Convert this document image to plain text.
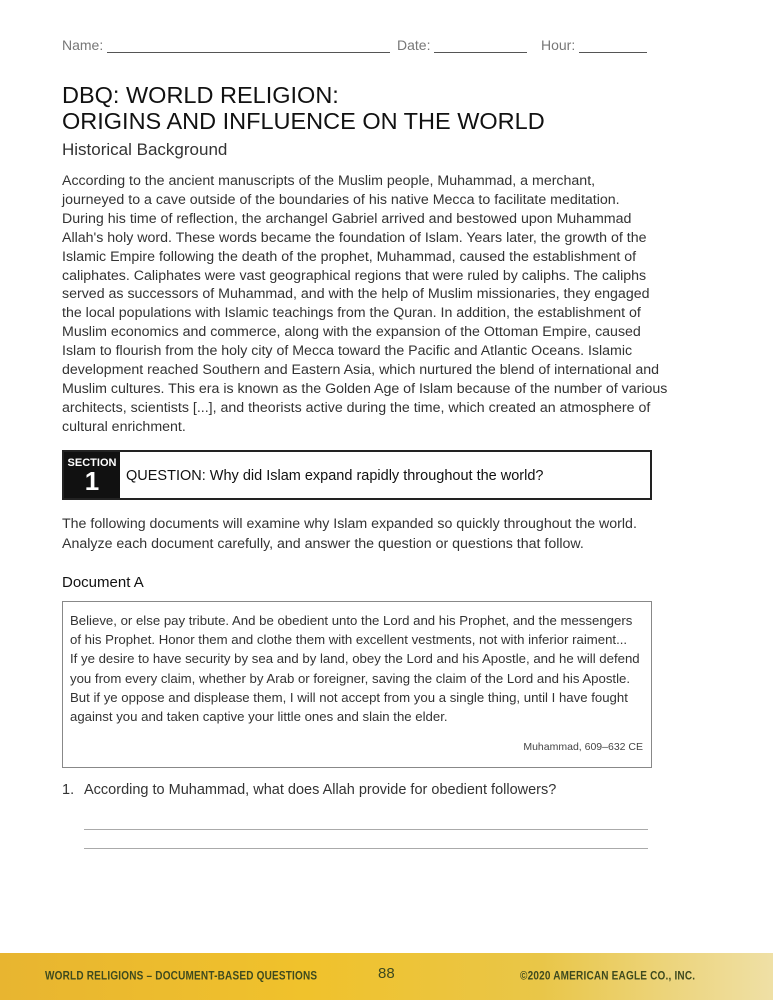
Name:	Date:	Hour:
DBQ: WORLD RELIGION:
ORIGINS AND INFLUENCE ON THE WORLD
Historical Background
According to the ancient manuscripts of the Muslim people, Muhammad, a merchant,
journeyed to a cave outside of the boundaries of his native Mecca to facilitate meditation.
During his time of reflection, the archangel Gabriel arrived and bestowed upon Muhammad
Allah's holy word. These words became the foundation of Islam. Years later, the growth of the
Islamic Empire following the death of the prophet, Muhammad, caused the establishment of
caliphates. Caliphates were vast geographical regions that were ruled by caliphs. The caliphs
served as successors of Muhammad, and with the help of Muslim missionaries, they engaged
the local populations with Islamic teachings from the Quran. In addition, the establishment of
Muslim economics and commerce, along with the expansion of the Ottoman Empire, caused
Islam to flourish from the holy city of Mecca toward the Pacific and Atlantic Oceans. Islamic
development reached Southern and Eastern Asia, which nurtured the blend of international and
Muslim cultures. This era is known as the Golden Age of Islam because of the number of various
architects, scientists [...], and theorists active during the time, which created an atmosphere of
cultural enrichment.
SECTION
1	QUESTION: Why did Islam expand rapidly throughout the world?
The following documents will examine why Islam expanded so quickly throughout the world.
Analyze each document carefully, and answer the question or questions that follow.
Document A
Believe, or else pay tribute. And be obedient unto the Lord and his Prophet, and the messengers
of his Prophet. Honor them and clothe them with excellent vestments, not with inferior raiment...
If ye desire to have security by sea and by land, obey the Lord and his Apostle, and he will defend
you from every claim, whether by Arab or foreigner, saving the claim of the Lord and his Apostle.
But if ye oppose and displease them, I will not accept from you a single thing, until I have fought
against you and taken captive your little ones and slain the elder.
Muhammad, 609–632 CE
1. According to Muhammad, what does Allah provide for obedient followers?
WORLD RELIGIONS – DOCUMENT-BASED QUESTIONS	88	©2020 AMERICAN EAGLE CO., INC.
